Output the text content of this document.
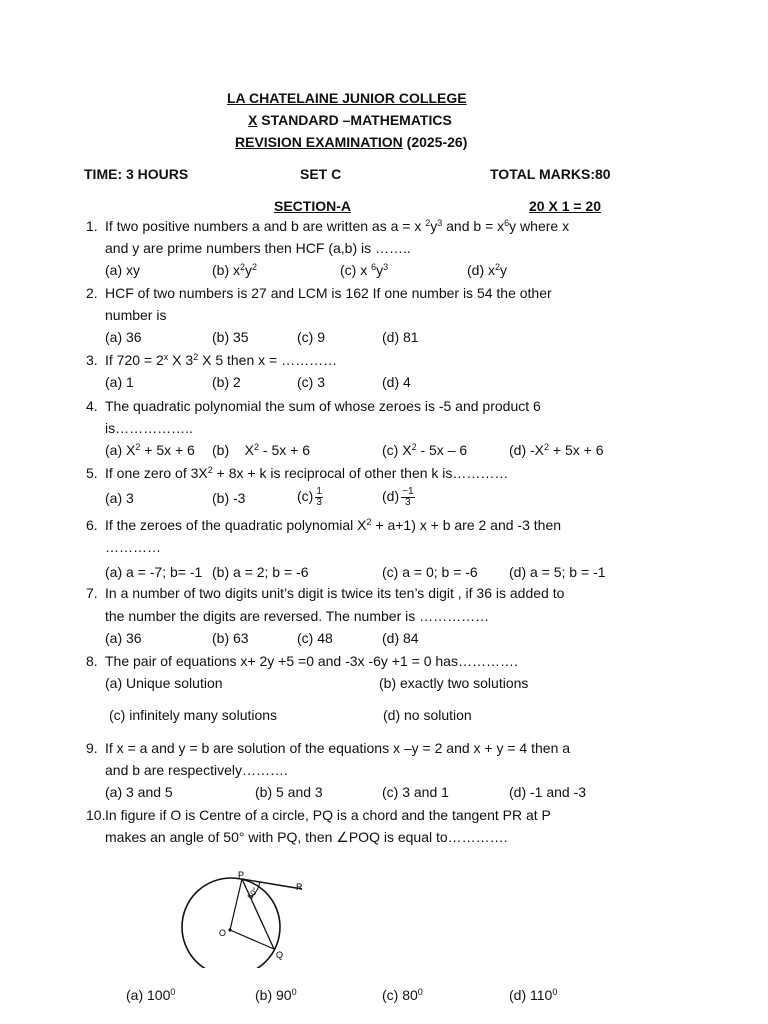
LA CHATELAINE JUNIOR COLLEGE
X STANDARD –MATHEMATICS
REVISION EXAMINATION (2025-26)
TIME: 3 HOURS	SET C	TOTAL MARKS:80
SECTION-A	20 X 1 = 20
1. If two positive numbers a and b are written as a = x $^2y^3$ and $b = x^6y$ where x
and y are prime numbers then HCF (a,b) is ……..
(a) xy	(b) $x^2y^2$	(c) x $^6y^3$	(d) $x^2y$
2. HCF of two numbers is 27 and LCM is 162 If one number is 54 the other
number is
(a) 36	(b) 35	(c) 9	(d) 81
3. If $720 = 2^x$ X $3^2$ X 5 then x = …………
(a) 1	(b) 2	(c) 3	(d) 4
4. The quadratic polynomial the sum of whose zeroes is -5 and product 6
is……………..
(a) $X^2 + 5x + 6$ (b)    $X^2 - 5x + 6$	(c) $X^2 - 5x - 6$	(d) $-X^2 + 5x + 6$
5. If one zero of $3X^2 + 8x + k$ is reciprocal of other then k is…………
(a) 3	(b) -3	$(c) \frac{1}{3}$	$(d) \frac{-1}{3}$
6. If the zeroes of the quadratic polynomial $X^2 + a+1$) x + b are 2 and -3 then
…………
(a) a = -7; b= -1 (b) a = 2; b = -6	(c) a = 0; b = -6 (d) a = 5; b = -1
7. In a number of two digits unit’s digit is twice its ten’s digit , if 36 is added to
the number the digits are reversed. The number is ……………
(a) 36	(b) 63	(c) 48	(d) 84
8. The pair of equations x+ 2y +5 =0 and -3x -6y +1 = 0 has………….
(a) Unique solution	(b) exactly two solutions
(c) infinitely many solutions	(d) no solution
9. If x = a and y = b are solution of the equations x –y = 2 and x + y = 4 then a
and b are respectively……….
(a) 3 and 5	(b) 5 and 3	(c) 3 and 1	(d) -1 and -3
10. In figure if O is Centre of a circle, PQ is a chord and the tangent PR at P
makes an angle of 50° with PQ, then ∠POQ is equal to………….
P
R
O
Q
50°
(a) $100^0$	(b) $90^0$	(c) $80^0$	(d) $110^0$
